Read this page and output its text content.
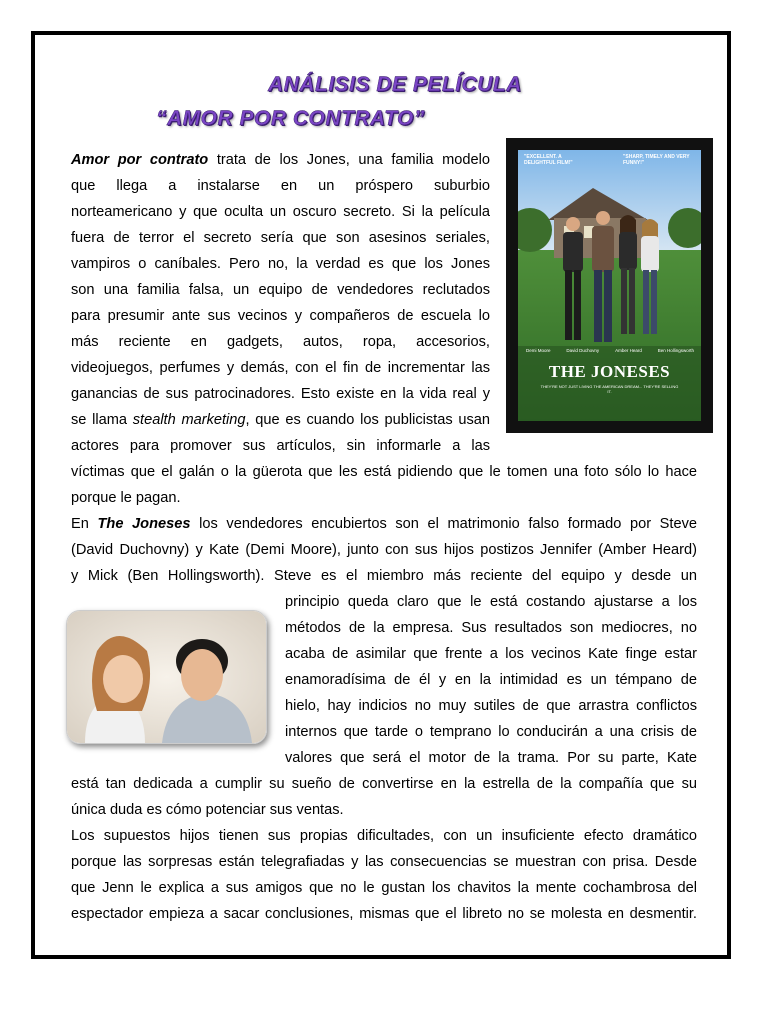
ANÁLISIS DE PELÍCULA
“AMOR POR CONTRATO”
"EXCELLENT. A DELIGHTFUL FILM!"
"SHARP, TIMELY AND VERY FUNNY!"
Demi Moore	David Duchovny	Amber Heard	Ben Hollingsworth
THE JONESES
THEY'RE NOT JUST LIVING THE AMERICAN DREAM... THEY'RE SELLING IT.
Amor por contrato trata de los Jones, una familia modelo
que llega a instalarse en un próspero suburbio
norteamericano y que oculta un oscuro secreto. Si la película
fuera de terror el secreto sería que son asesinos seriales,
vampiros o caníbales. Pero no, la verdad es que los Jones
son una familia falsa, un equipo de vendedores reclutados
para presumir ante sus vecinos y compañeros de escuela lo
más reciente en gadgets, autos, ropa, accesorios,
videojuegos, perfumes y demás, con el fin de incrementar las
ganancias de sus patrocinadores. Esto existe en la vida real y
se llama stealth marketing, que es cuando los publicistas usan
actores para promover sus artículos, sin informarle a las
víctimas que el galán o la güerota que les está pidiendo que le tomen una foto sólo lo hace
porque le pagan.
En The Joneses los vendedores encubiertos son el matrimonio falso formado por Steve
(David Duchovny) y Kate (Demi Moore), junto con sus hijos postizos Jennifer (Amber Heard)
y Mick (Ben Hollingsworth). Steve es el miembro más reciente del equipo y desde un
principio queda claro que le está costando ajustarse a los
métodos de la empresa. Sus resultados son mediocres, no
acaba de asimilar que frente a los vecinos Kate finge estar
enamoradísima de él y en la intimidad es un témpano de
hielo, hay indicios no muy sutiles de que arrastra conflictos
internos que tarde o temprano lo conducirán a una crisis de
valores que será el motor de la trama. Por su parte, Kate
está tan dedicada a cumplir su sueño de convertirse en la estrella de la compañía que su
única duda es cómo potenciar sus ventas.
Los supuestos hijos tienen sus propias dificultades, con un insuficiente efecto dramático
porque las sorpresas están telegrafiadas y las consecuencias se muestran con prisa. Desde
que Jenn le explica a sus amigos que no le gustan los chavitos la mente cochambrosa del
espectador empieza a sacar conclusiones, mismas que el libreto no se molesta en desmentir.
